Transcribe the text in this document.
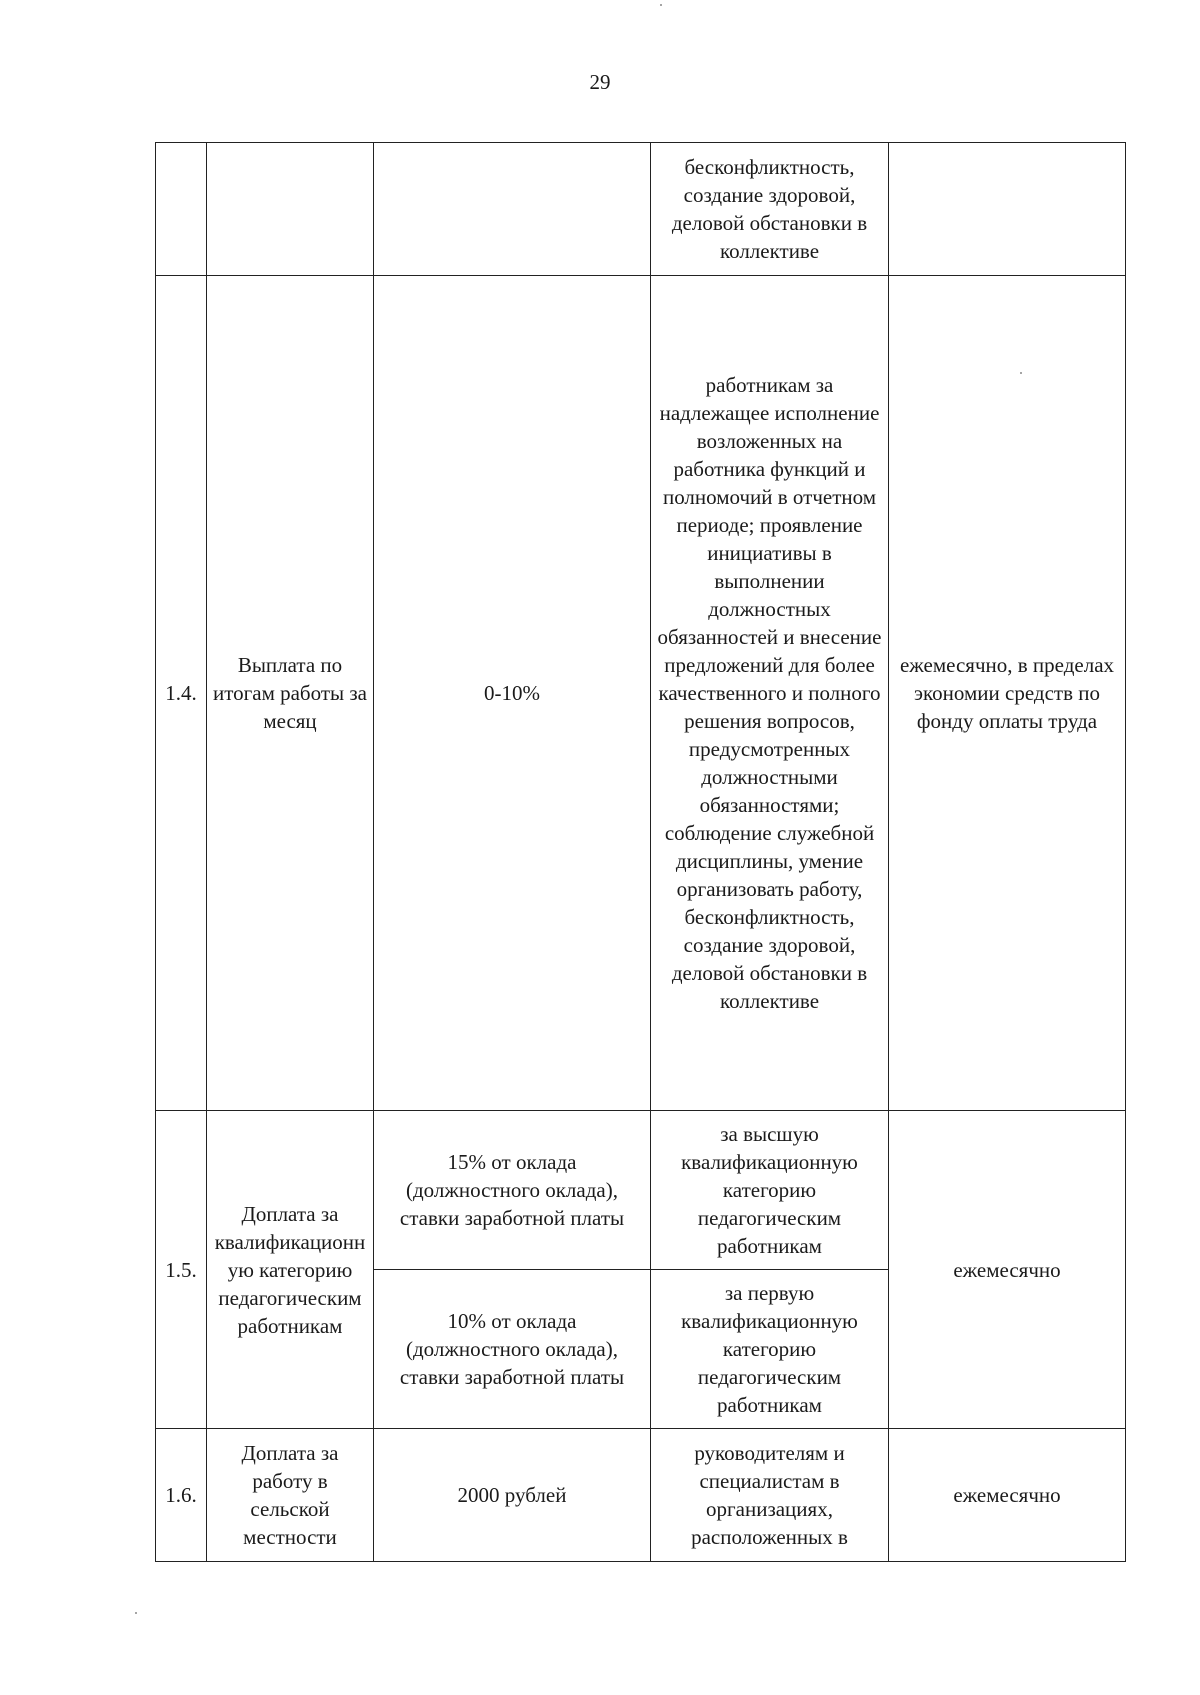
29
			бесконфликтность, создание здоровой, деловой обстановки в коллективе	
1.4.	Выплата по итогам работы за месяц	0-10%	работникам за надлежащее исполнение возложенных на работника функций и полномочий в отчетном периоде; проявление инициативы в выполнении должностных обязанностей и внесение предложений для более качественного и полного решения вопросов, предусмотренных должностными обязанностями; соблюдение служебной дисциплины, умение организовать работу, бесконфликтность, создание здоровой, деловой обстановки в коллективе	ежемесячно, в пределах экономии средств по фонду оплаты труда
1.5.	Доплата за квалификационную категорию педагогическим работникам	15% от оклада (должностного оклада), ставки заработной платы	за высшую квалификационную категорию педагогическим работникам	ежемесячно
		10% от оклада (должностного оклада), ставки заработной платы	за первую квалификационную категорию педагогическим работникам	
1.6.	Доплата за работу в сельской местности	2000 рублей	руководителям и специалистам в организациях, расположенных в	ежемесячно
